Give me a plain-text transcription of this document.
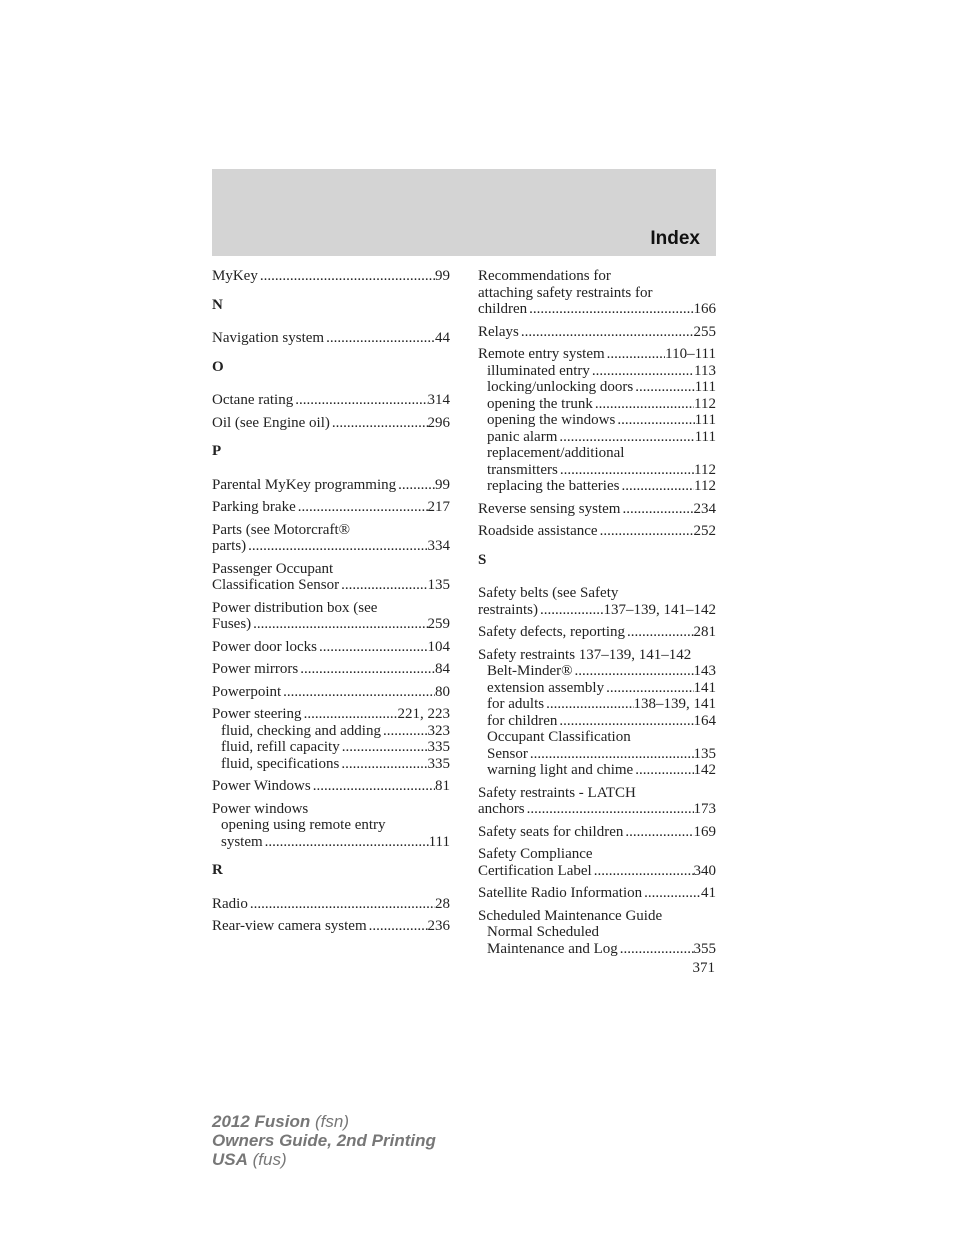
Index
MyKey .....	99
N
Navigation system .....	44
O
Octane rating .....	314
Oil (see Engine oil) .....	296
P
Parental MyKey programming .....	99
Parking brake .....	217
Parts (see Motorcraft®
parts) .....	334
Passenger Occupant
Classification Sensor .....	135
Power distribution box (see
Fuses) .....	259
Power door locks .....	104
Power mirrors .....	84
Powerpoint .....	80
Power steering .....	221, 223
fluid, checking and adding .....	323
fluid, refill capacity .....	335
fluid, specifications .....	335
Power Windows .....	81
Power windows
opening using remote entry
system .....	111
R
Radio .....	28
Rear-view camera system .....	236
Recommendations for
attaching safety restraints for
children .....	166
Relays .....	255
Remote entry system .....	110–111
illuminated entry .....	113
locking/unlocking doors .....	111
opening the trunk .....	112
opening the windows .....	111
panic alarm .....	111
replacement/additional
transmitters .....	112
replacing the batteries .....	112
Reverse sensing system .....	234
Roadside assistance .....	252
S
Safety belts (see Safety
restraints) .....	137–139, 141–142
Safety defects, reporting .....	281
Safety restraints 137–139, 141–142
Belt-Minder® .....	143
extension assembly .....	141
for adults .....	138–139, 141
for children .....	164
Occupant Classification
Sensor .....	135
warning light and chime .....	142
Safety restraints - LATCH
anchors .....	173
Safety seats for children .....	169
Safety Compliance
Certification Label .....	340
Satellite Radio Information .....	41
Scheduled Maintenance Guide
Normal Scheduled
Maintenance and Log .....	355
371
2012 Fusion (fsn)
Owners Guide, 2nd Printing
USA (fus)
